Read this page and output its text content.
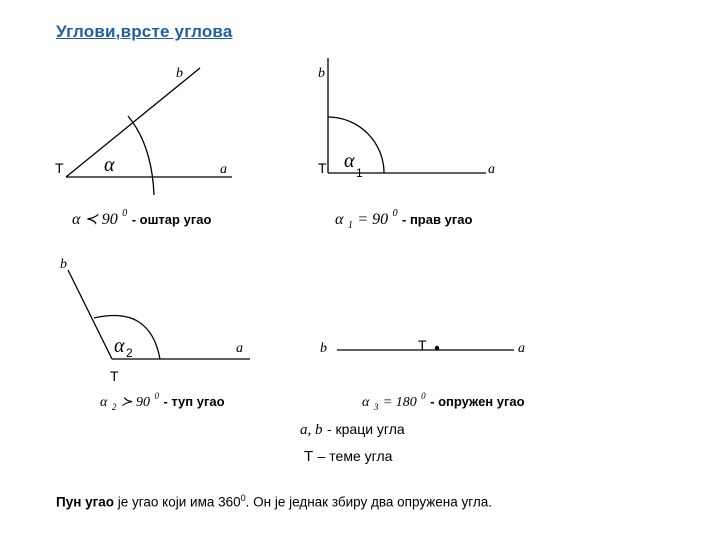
Углови,врсте углова
T	a
b
α	T	a
b
α
1
T
a
b
α 2	T
b	a
α ≺ 90 $^0$ $_{- оштар угао}$	α $_1$ = 90 $^0$ $_{- прав угао}$
α $_2$ ≻ 90 $^0$ $_{- туп угао}$	α $_3$ = 180 $^0$ $_{- опружен угао}$
a, b - краци угла
T – теме угла
Пун угао је угао који има $360^0$. Он је једнак збиру два опружена угла.
